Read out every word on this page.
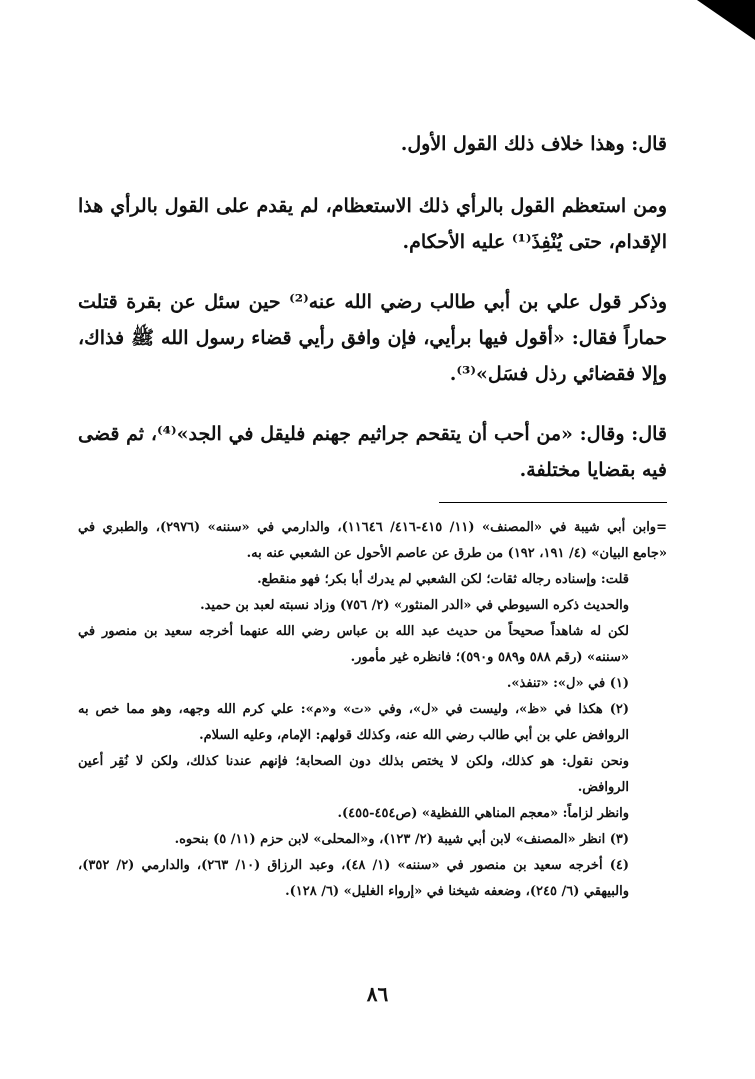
قال: وهذا خلاف ذلك القول الأول.

ومن استعظم القول بالرأي ذلك الاستعظام، لم يقدم على القول بالرأي هذا الإقدام، حتى يُنْفِذَ⁽¹⁾ عليه الأحكام.

وذكر قول علي بن أبي طالب رضي الله عنه⁽²⁾ حين سئل عن بقرة قتلت حماراً فقال: «أقول فيها برأيي، فإن وافق رأيي قضاء رسول الله ﷺ فذاك، وإلا فقضائي رذل فسَل»⁽³⁾.

قال: وقال: «من أحب أن يتقحم جراثيم جهنم فليقل في الجد»⁽⁴⁾، ثم قضى فيه بقضايا مختلفة.

=وابن أبي شيبة في «المصنف» (١١/ ٤١٥-٤١٦/ ١١٦٤٦)، والدارمي في «سننه» (٢٩٧٦)، والطبري في «جامع البيان» (٤/ ١٩١، ١٩٢) من طرق عن عاصم الأحول عن الشعبي عنه به.

قلت: وإسناده رجاله ثقات؛ لكن الشعبي لم يدرك أبا بكر؛ فهو منقطع.

والحديث ذكره السيوطي في «الدر المنثور» (٢/ ٧٥٦) وزاد نسبته لعبد بن حميد.

لكن له شاهداً صحيحاً من حديث عبد الله بن عباس رضي الله عنهما أخرجه سعيد بن منصور في «سننه» (رقم ٥٨٨ و٥٨٩ و٥٩٠)؛ فانظره غير مأمور.

(١) في «ل»: «تنفذ».

(٢) هكذا في «ظ»، وليست في «ل»، وفي «ت» و«م»: علي كرم الله وجهه، وهو مما خص به الروافض علي بن أبي طالب رضي الله عنه، وكذلك قولهم: الإمام، وعليه السلام.

ونحن نقول: هو كذلك، ولكن لا يختص بذلك دون الصحابة؛ فإنهم عندنا كذلك، ولكن لا نُقِر أعين الروافض.

وانظر لزاماً: «معجم المناهي اللفظية» (ص٤٥٤-٤٥٥).

(٣) انظر «المصنف» لابن أبي شيبة (٢/ ١٢٣)، و«المحلى» لابن حزم (١١/ ٥) بنحوه.

(٤) أخرجه سعيد بن منصور في «سننه» (١/ ٤٨)، وعبد الرزاق (١٠/ ٢٦٣)، والدارمي (٢/ ٣٥٢)، والبيهقي (٦/ ٢٤٥)، وضعفه شيخنا في «إرواء الغليل» (٦/ ١٢٨).

٨٦
